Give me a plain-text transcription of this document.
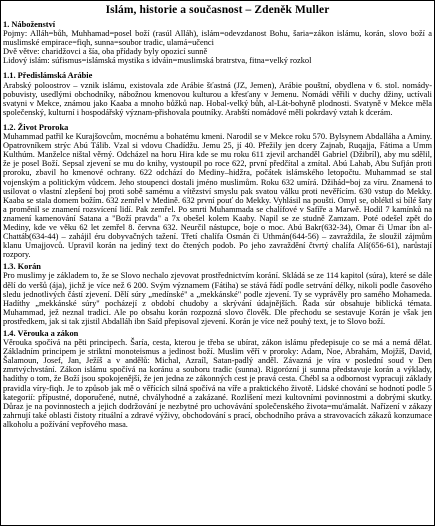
Islám, historie a současnost – Zdeněk Muller
1. Náboženství

Pojmy: Alláh=bůh, Muhhamad=posel boží (rasúl Alláh), islám=odevzdanost Bohu, šaria=zákon islámu, korán, slovo boží a muslimské empirace=fiqh, sunna=soubor tradic, ulamá=učenci

Dvě větve: charidžovci a šía, oba přídady byly opozicí sunně

Lidový islám: súfismus=islámská mystika s idváin=muslimská bratrstva, fitna=velký rozkol

1.1. Předislámská Arábie

Arabský poloostrov – vznik islámu, existovala zde Arábie šťastná (JZ, Jemen), Arábie pouštní, obydlena v 6. stol. nomády-pobuvisty, usedlými obchodníky, nábožnou kmenovou kulturou a křesťany v Jemenu. Nomádi věřili v duchy džiny, uctívali svatyni v Mekce, známou jako Kaaba a mnoho bůžků nap. Hobal-velký bůh, al-Lát-bohyně plodnosti. Svatyně v Mekce měla společenský, kulturní i hospodářský význam-přishovala poutníky. Arabští nomádové měli pokrdavý vztah k dcerám.

1.2. Život Proroka

Muhammad patřil ke Kurajšovcům, mocnému a bohatému kmeni. Narodil se v Mekce roku 570. Bylsynem Abdalláha a Aminy. Opatrovníkem strýc Abú Tálib. Vzal si vdovu Chadídžu. Jemu 25, jí 40. Přežily jen dcery Zajnab, Ruqajja, Fátima a Umm Kulthúm. Manželce ništal věrný. Odcházel na horu Hira kde se mu roku 611 zjevil archanděl Gabriel (Džibríl), aby mu sdělil, že je posel Boží. Sepsal zjevení se mu do knihy, vystoupil po roce 622, první předčítal a zmítal. Abú Lahab, Abu Sufján proti proroku, zbavil ho kmenové ochrany. 622 odchází do Mediny–hidžra, počátek islámského letopočtu. Muhammad se stal vojenským a politickým vůdcem. Jeho stoupenci dostali jméno muslimům. Roku 632 umírá. Džihád=boj za víru. Znamená to usilovat o vlastní zlepšení boj proti sobě samému a vítězství smyslu pak svatou válku proti nevěřícím. 630 vstup do Mekky. Kaaba se stala domem božím. 632 zemřel v Medině. 632 první pouť do Mekky. Vyhlásil na poušti. Omyl se, obléktl si bílé šaty a proměnil se znamení rozsvícení lidí. Pak zemřel. Po smrti Muhammada se chalífové v Safíře a Marwě. Hodil 7 kamínků na znamení kamenování Satana a "Boží pravda" a 7x obešel kolem Kaaby. Napil se ze studně Zamzam. Poté odešel zpět do Mediny, kde ve věku 62 let zemřel 8. června 632. Neurčil nástupce, boje o moc. Abú Bakr(632-34), Omar či Umar ibn al-Chattáb(634-44) – zahájil éru dobyvačných tažení. Třetí chalífa Osmán či Uthmán(644-56) – zavraždila, že sloužil zájmům klanu Umajjovců. Upravil korán na jediný text do čtených podob. Po jeho zavraždění čtvrtý chalífa Alí(656-61), narůstají rozpory.

1.3. Korán

Pro muslimy je základem to, že se Slovo nechalo zjevovat prostřednictvím korání. Skládá se ze 114 kapitol (súra), které se dále dělí do veršů (ája), jichž je více než 6 200. Svým významem (Fátiha) se stává řádí podle setrvání délky, nikoli podle časového sledu jednotlivých částí zjevení. Dělí súry „medínské" a „mekkánské" podle zjevení. Ty se vyprávěly pro samého Mohameda. Hadíthy „mekkánské súry" pocházejí z období chudoby a skrývání údajnějších. Řada súr obsahuje biblická témata. Muhammad, jež neznal tradici. Ale po obsahu korán rozpozná slovo člověk. Dle přechodu se sestavuje Korán je však jen prostředkem, jak si tak zjistil Abdalláh ibn Saíd přepisoval zjevení. Korán je více než pouhý text, je to Slovo boží.

1.4. Věrouka a zákon

Věrouka spočívá na pěti principech. Šaría, cesta, kterou je třeba se ubírat, zákon islámu předepisuje co se má a nemá dělat. Základním principem je striktní monoteismus a jedinost boží. Muslim věří v proroky: Adam, Noe, Abrahám, Mojžíš, David, Šalamoun, Josef, Jan, Ježíš a v andělů: Michal, Azraíl, Satan-padlý anděl. Závazná je víra v poslední soud v Den zmrtvýchvstání. Zákon islámu spočívá na koránu a souboru tradic (sunna). Rigorózní ji sunna představuje korán a výklady, hadíthy o tom, že Boží jsou spokojenější, že jen jedna ze zákonných cest je pravá cesta. Chébl sa a odbornost vypracuji základy pravidla víry-fiqh. Je to způsob jak mě o věřících silná spočívá na víře a praktického životě. Lidské chování se hodnotí podle 5 kategorií: přípustné, doporučené, nutné, chvályhodné a zakázané. Rozlišení mezi kultovními povinnostmi a dobrými skutky. Důraz je na povinnostech a jejich dodržování je nezbytné pro uchovávání společenského života=mu'ámalát. Nařízení v zákazy zahrnují také oblasti čistoty rituální a zdravé výživy, obchodování s prací, obchodního práva a stravovacích zákazů konzumace alkoholu a požívání vepřového masa.
